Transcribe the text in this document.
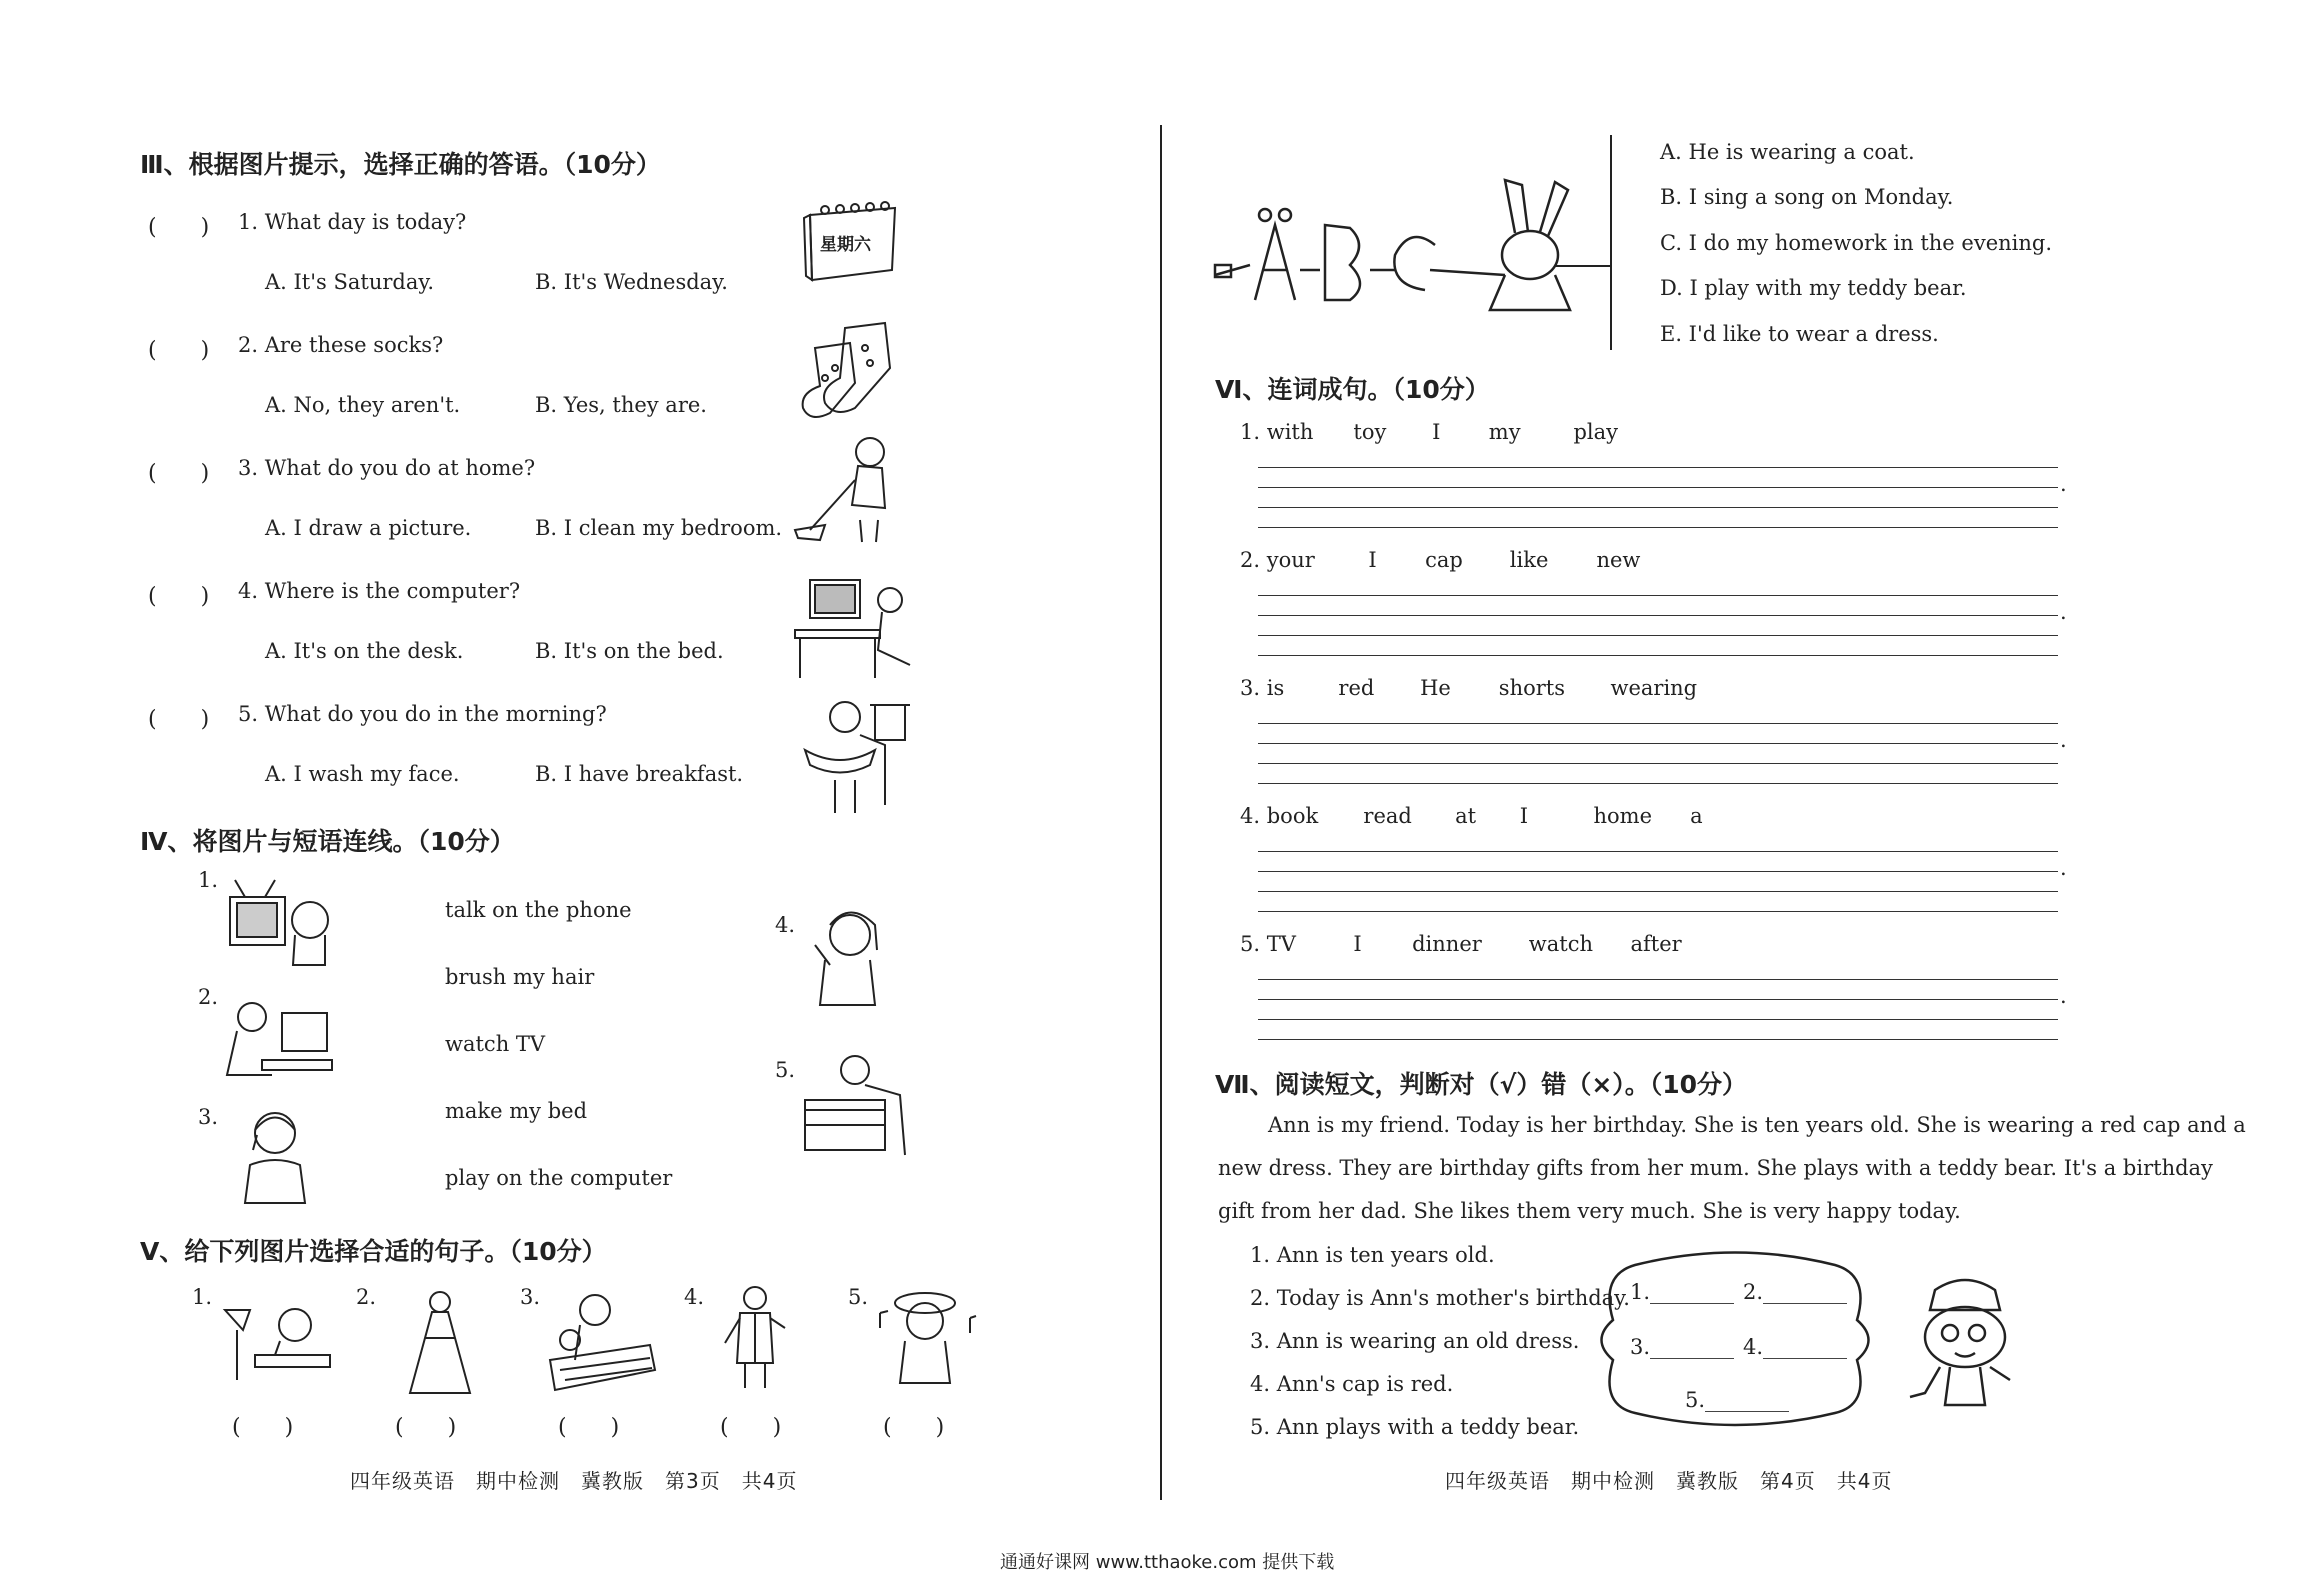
Ⅲ、根据图片提示，选择正确的答语。（10分）
(　　) 1. What day is today?
A. It's Saturday.	B. It's Wednesday.
星期六
(　　) 2. Are these socks?
A. No, they aren't.	B. Yes, they are.
(　　) 3. What do you do at home?
A. I draw a picture.	B. I clean my bedroom.
(　　) 4. Where is the computer?
A. It's on the desk.	B. It's on the bed.
(　　) 5. What do you do in the morning?
A. I wash my face.	B. I have breakfast.
Ⅳ、将图片与短语连线。（10分）
1.
2.
3.
4.
5.
talk on the phone
brush my hair
watch TV
make my bed
play on the computer
Ⅴ、给下列图片选择合适的句子。（10分）
1.	2.	3.	4.	5.
(　　)	(　　)	(　　)	(　　)	(　　)
四年级英语　期中检测　冀教版　第3页　共4页
A. He is wearing a coat.
B. I sing a song on Monday.
C. I do my homework in the evening.
D. I play with my teddy bear.
E. I'd like to wear a dress.
Ⅵ、连词成句。（10分）
1. with toy I my	play
.
2. your	I cap like new
.
3. is	red He shorts wearing
.
4. book read at I	home a
.
5. TV	I dinner watch after
.
Ⅶ、阅读短文，判断对（√）错（×）。（10分）
Ann is my friend. Today is her birthday. She is ten years old. She is wearing a red cap and a
new dress. They are birthday gifts from her mum. She plays with a teddy bear. It's a birthday
gift from her dad. She likes them very much. She is very happy today.
1. Ann is ten years old.
2. Today is Ann's mother's birthday.
3. Ann is wearing an old dress.
4. Ann's cap is red.
5. Ann plays with a teddy bear.
1.________ 2.________
3.________ 4.________
5.________
四年级英语　期中检测　冀教版　第4页　共4页
通通好课网 www.tthaoke.com 提供下载
